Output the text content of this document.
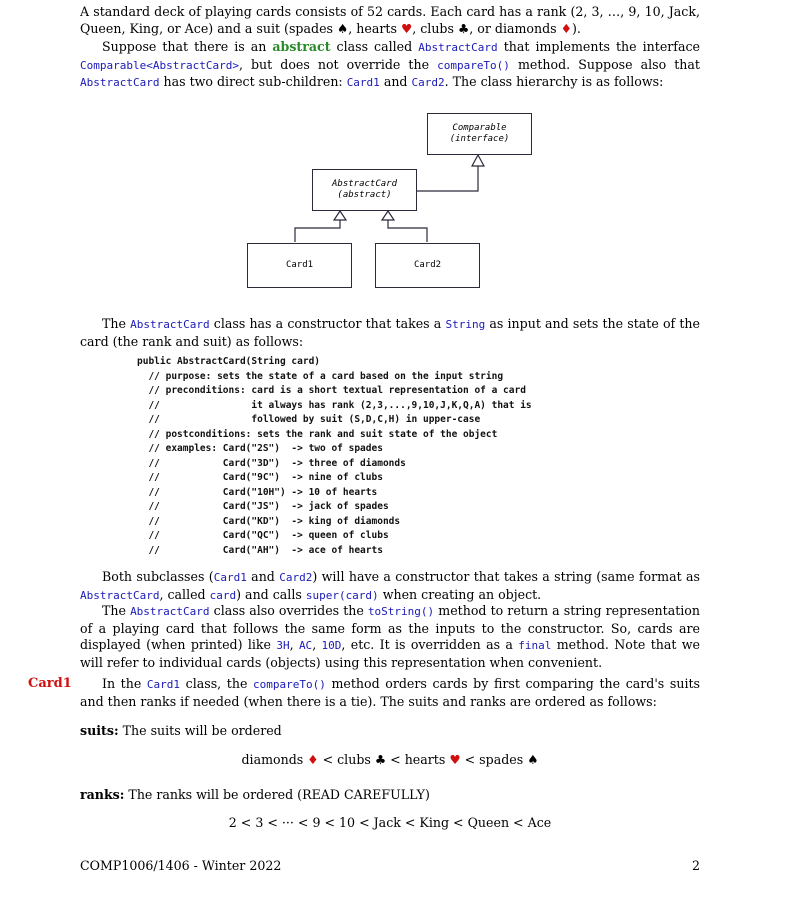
A standard deck of playing cards consists of 52 cards. Each card has a rank (2, 3, …, 9, 10, Jack, Queen, King, or Ace) and a suit (spades ♠, hearts ♥, clubs ♣, or diamonds ♦).

Suppose that there is an abstract class called AbstractCard that implements the interface Comparable<AbstractCard>, but does not override the compareTo() method. Suppose also that AbstractCard has two direct sub-children: Card1 and Card2. The class hierarchy is as follows:

Comparable
(interface)
AbstractCard
(abstract)
Card1	Card2

The AbstractCard class has a constructor that takes a String as input and sets the state of the card (the rank and suit) as follows:

public AbstractCard(String card)
// purpose: sets the state of a card based on the input string
// preconditions: card is a short textual representation of a card
//                it always has rank (2,3,...,9,10,J,K,Q,A) that is
//                followed by suit (S,D,C,H) in upper-case
// postconditions: sets the rank and suit state of the object
// examples: Card("2S")  -> two of spades
//           Card("3D")  -> three of diamonds
//           Card("9C")  -> nine of clubs
//           Card("10H") -> 10 of hearts
//           Card("JS")  -> jack of spades
//           Card("KD")  -> king of diamonds
//           Card("QC")  -> queen of clubs
//           Card("AH")  -> ace of hearts

Both subclasses (Card1 and Card2) will have a constructor that takes a string (same format as AbstractCard, called card) and calls super(card) when creating an object.

The AbstractCard class also overrides the toString() method to return a string representation of a playing card that follows the same form as the inputs to the constructor. So, cards are displayed (when printed) like 3H, AC, 10D, etc. It is overridden as a final method. Note that we will refer to individual cards (objects) using this representation when convenient.

Card1	In the Card1 class, the compareTo() method orders cards by first comparing the card's suits and then ranks if needed (when there is a tie). The suits and ranks are ordered as follows:

suits: The suits will be ordered

diamonds ♦ < clubs ♣ < hearts ♥ < spades ♠

ranks: The ranks will be ordered (READ CAREFULLY)

2 < 3 < ··· < 9 < 10 < Jack < King < Queen < Ace
COMP1006/1406 - Winter 2022	2
